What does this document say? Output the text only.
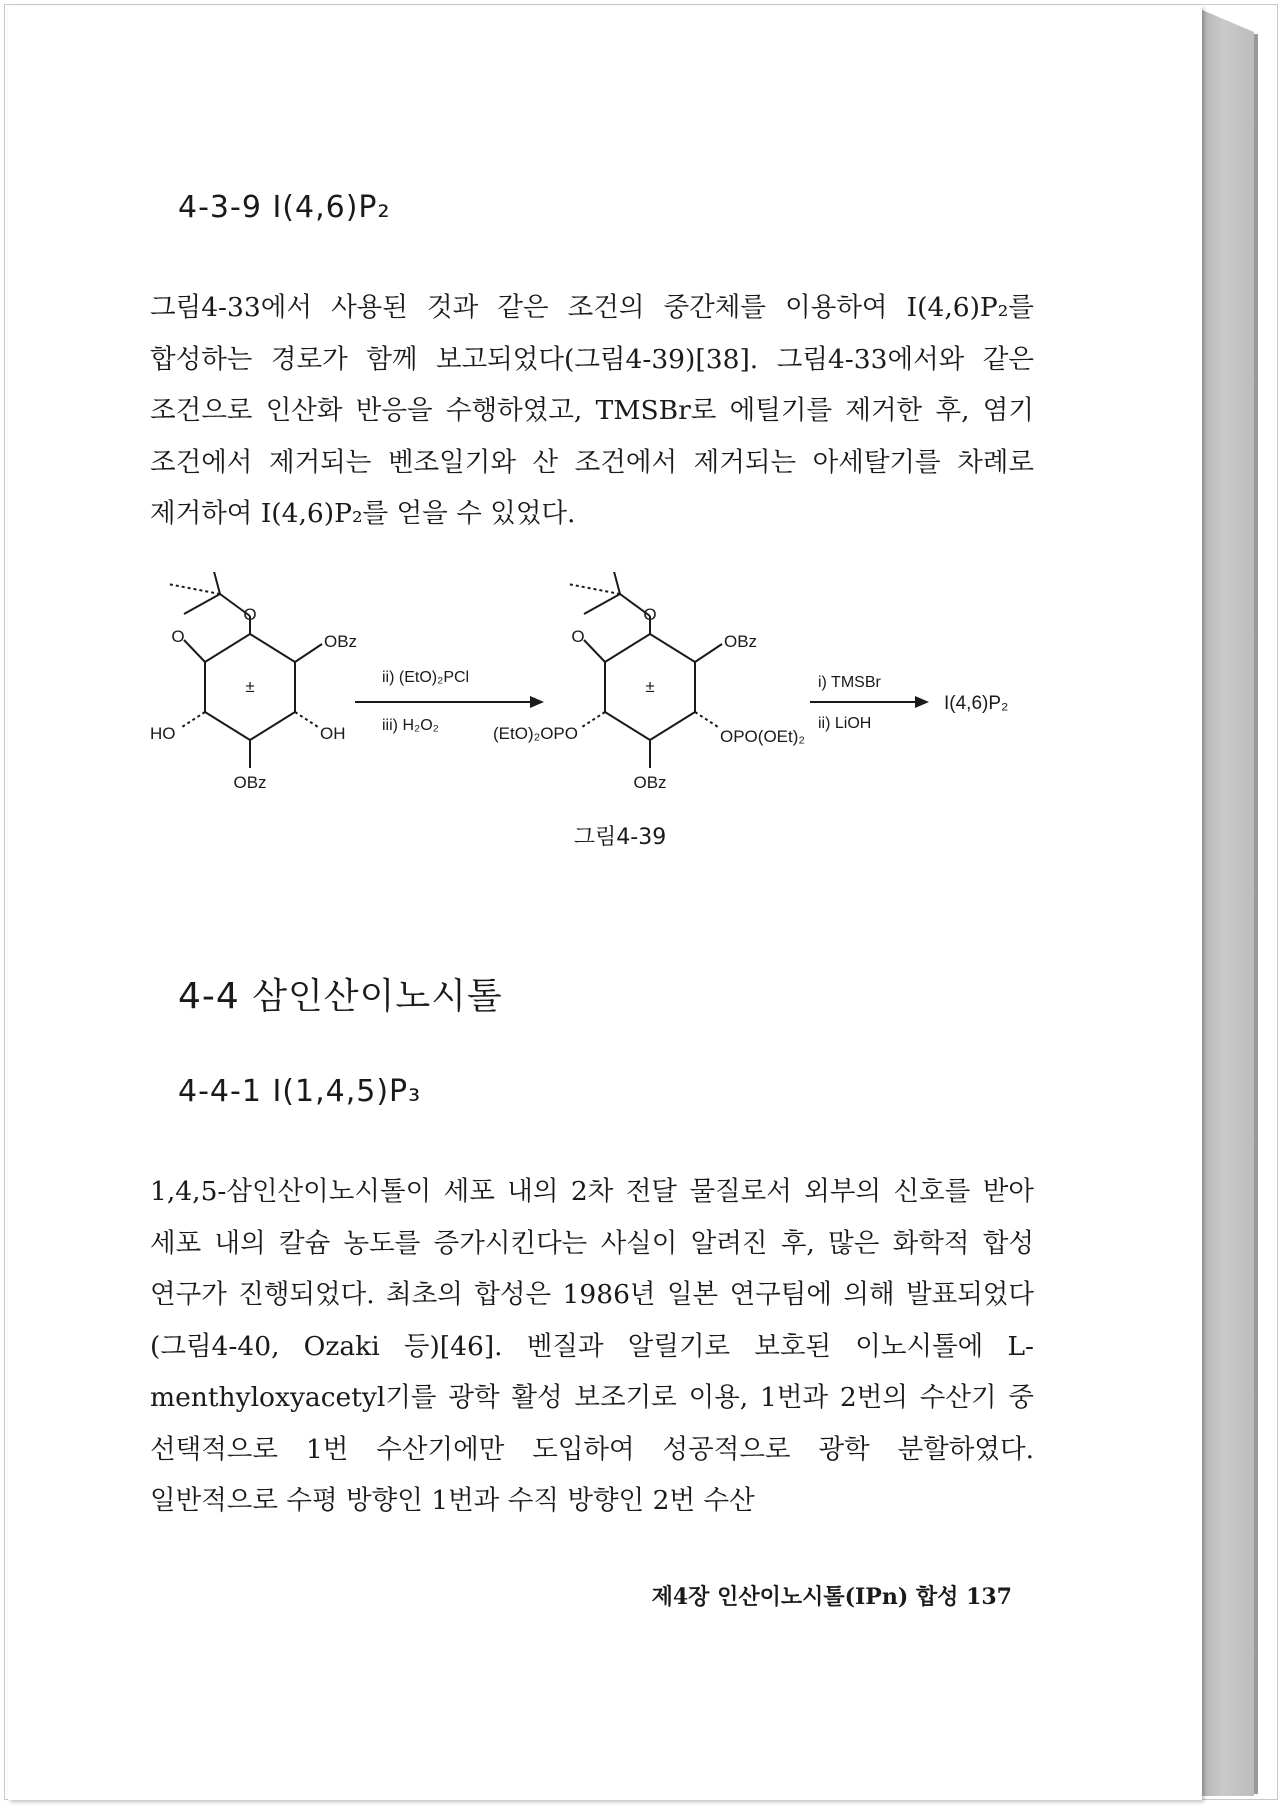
4-3-9 I(4,6)P₂

그림4-33에서 사용된 것과 같은 조건의 중간체를 이용하여 I(4,6)P₂를 합성하는 경로가 함께 보고되었다(그림4-39)[38]. 그림4-33에서와 같은 조건으로 인산화 반응을 수행하였고, TMSBr로 에틸기를 제거한 후, 염기 조건에서 제거되는 벤조일기와 산 조건에서 제거되는 아세탈기를 차례로 제거하여 I(4,6)P₂를 얻을 수 있었다.

O
O	OBz
HO	OH
OBz
±	ii) (EtO)₂PCl
iii) H₂O₂
O
O	OBz
(EtO)₂OPO	OPO(OEt)₂
OBz
±	i) TMSBr
ii) LiOH
I(4,6)P₂
그림4-39
4-4 삼인산이노시톨
4-4-1 I(1,4,5)P₃

1,4,5-삼인산이노시톨이 세포 내의 2차 전달 물질로서 외부의 신호를 받아 세포 내의 칼슘 농도를 증가시킨다는 사실이 알려진 후, 많은 화학적 합성 연구가 진행되었다. 최초의 합성은 1986년 일본 연구팀에 의해 발표되었다(그림4-40, Ozaki 등)[46]. 벤질과 알릴기로 보호된 이노시톨에 L-menthyloxyacetyl기를 광학 활성 보조기로 이용, 1번과 2번의 수산기 중 선택적으로 1번 수산기에만 도입하여 성공적으로 광학 분할하였다. 일반적으로 수평 방향인 1번과 수직 방향인 2번 수산

제4장 인산이노시톨(IPn) 합성 137
